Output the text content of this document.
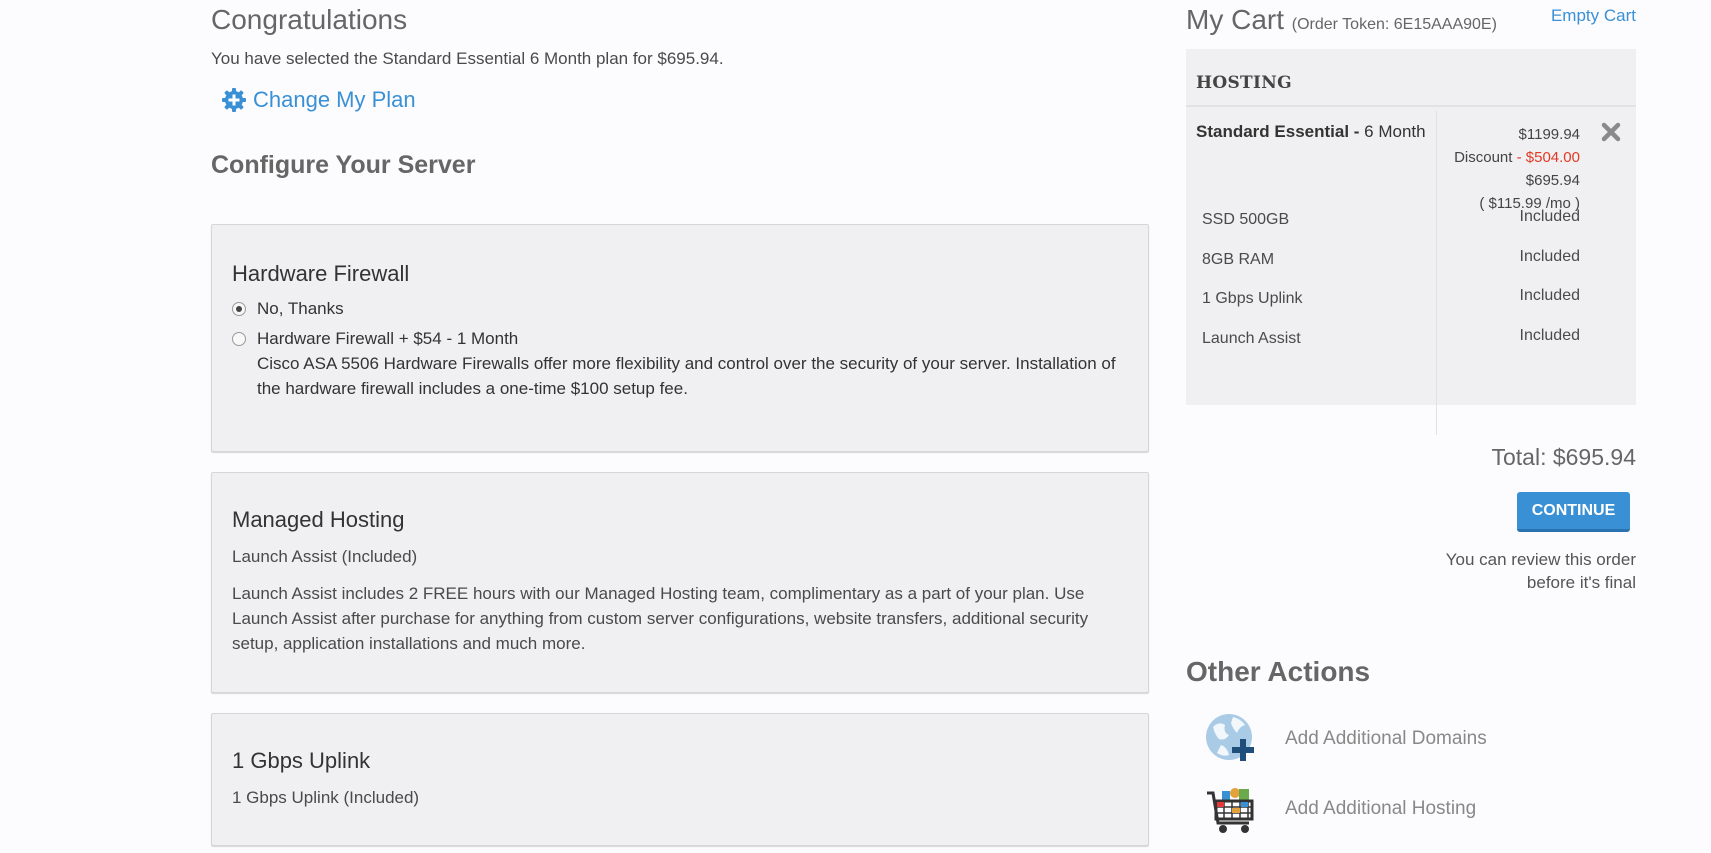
Congratulations

You have selected the Standard Essential 6 Month plan for $695.94.

Change My Plan
Configure Your Server
Hardware Firewall
No, Thanks
Hardware Firewall + $54 - 1 Month

Cisco ASA 5506 Hardware Firewalls offer more flexibility and control over the security of your server. Installation of the hardware firewall includes a one-time $100 setup fee.

Managed Hosting

Launch Assist (Included)

Launch Assist includes 2 FREE hours with our Managed Hosting team, complimentary as a part of your plan. Use Launch Assist after purchase for anything from custom server configurations, website transfers, additional security setup, application installations and much more.

1 Gbps Uplink

1 Gbps Uplink (Included)

My Cart (Order Token: 6E15AAA90E)	Empty Cart
HOSTING
Standard Essential - 6 Month	$1199.94
Discount - $504.00
$695.94
( $115.99 /mo )
SSD 500GB	Included
8GB RAM	Included
1 Gbps Uplink	Included
Launch Assist	Included
Total: $695.94
CONTINUE
You can review this order
before it's final
Other Actions
Add Additional Domains
Add Additional Hosting
